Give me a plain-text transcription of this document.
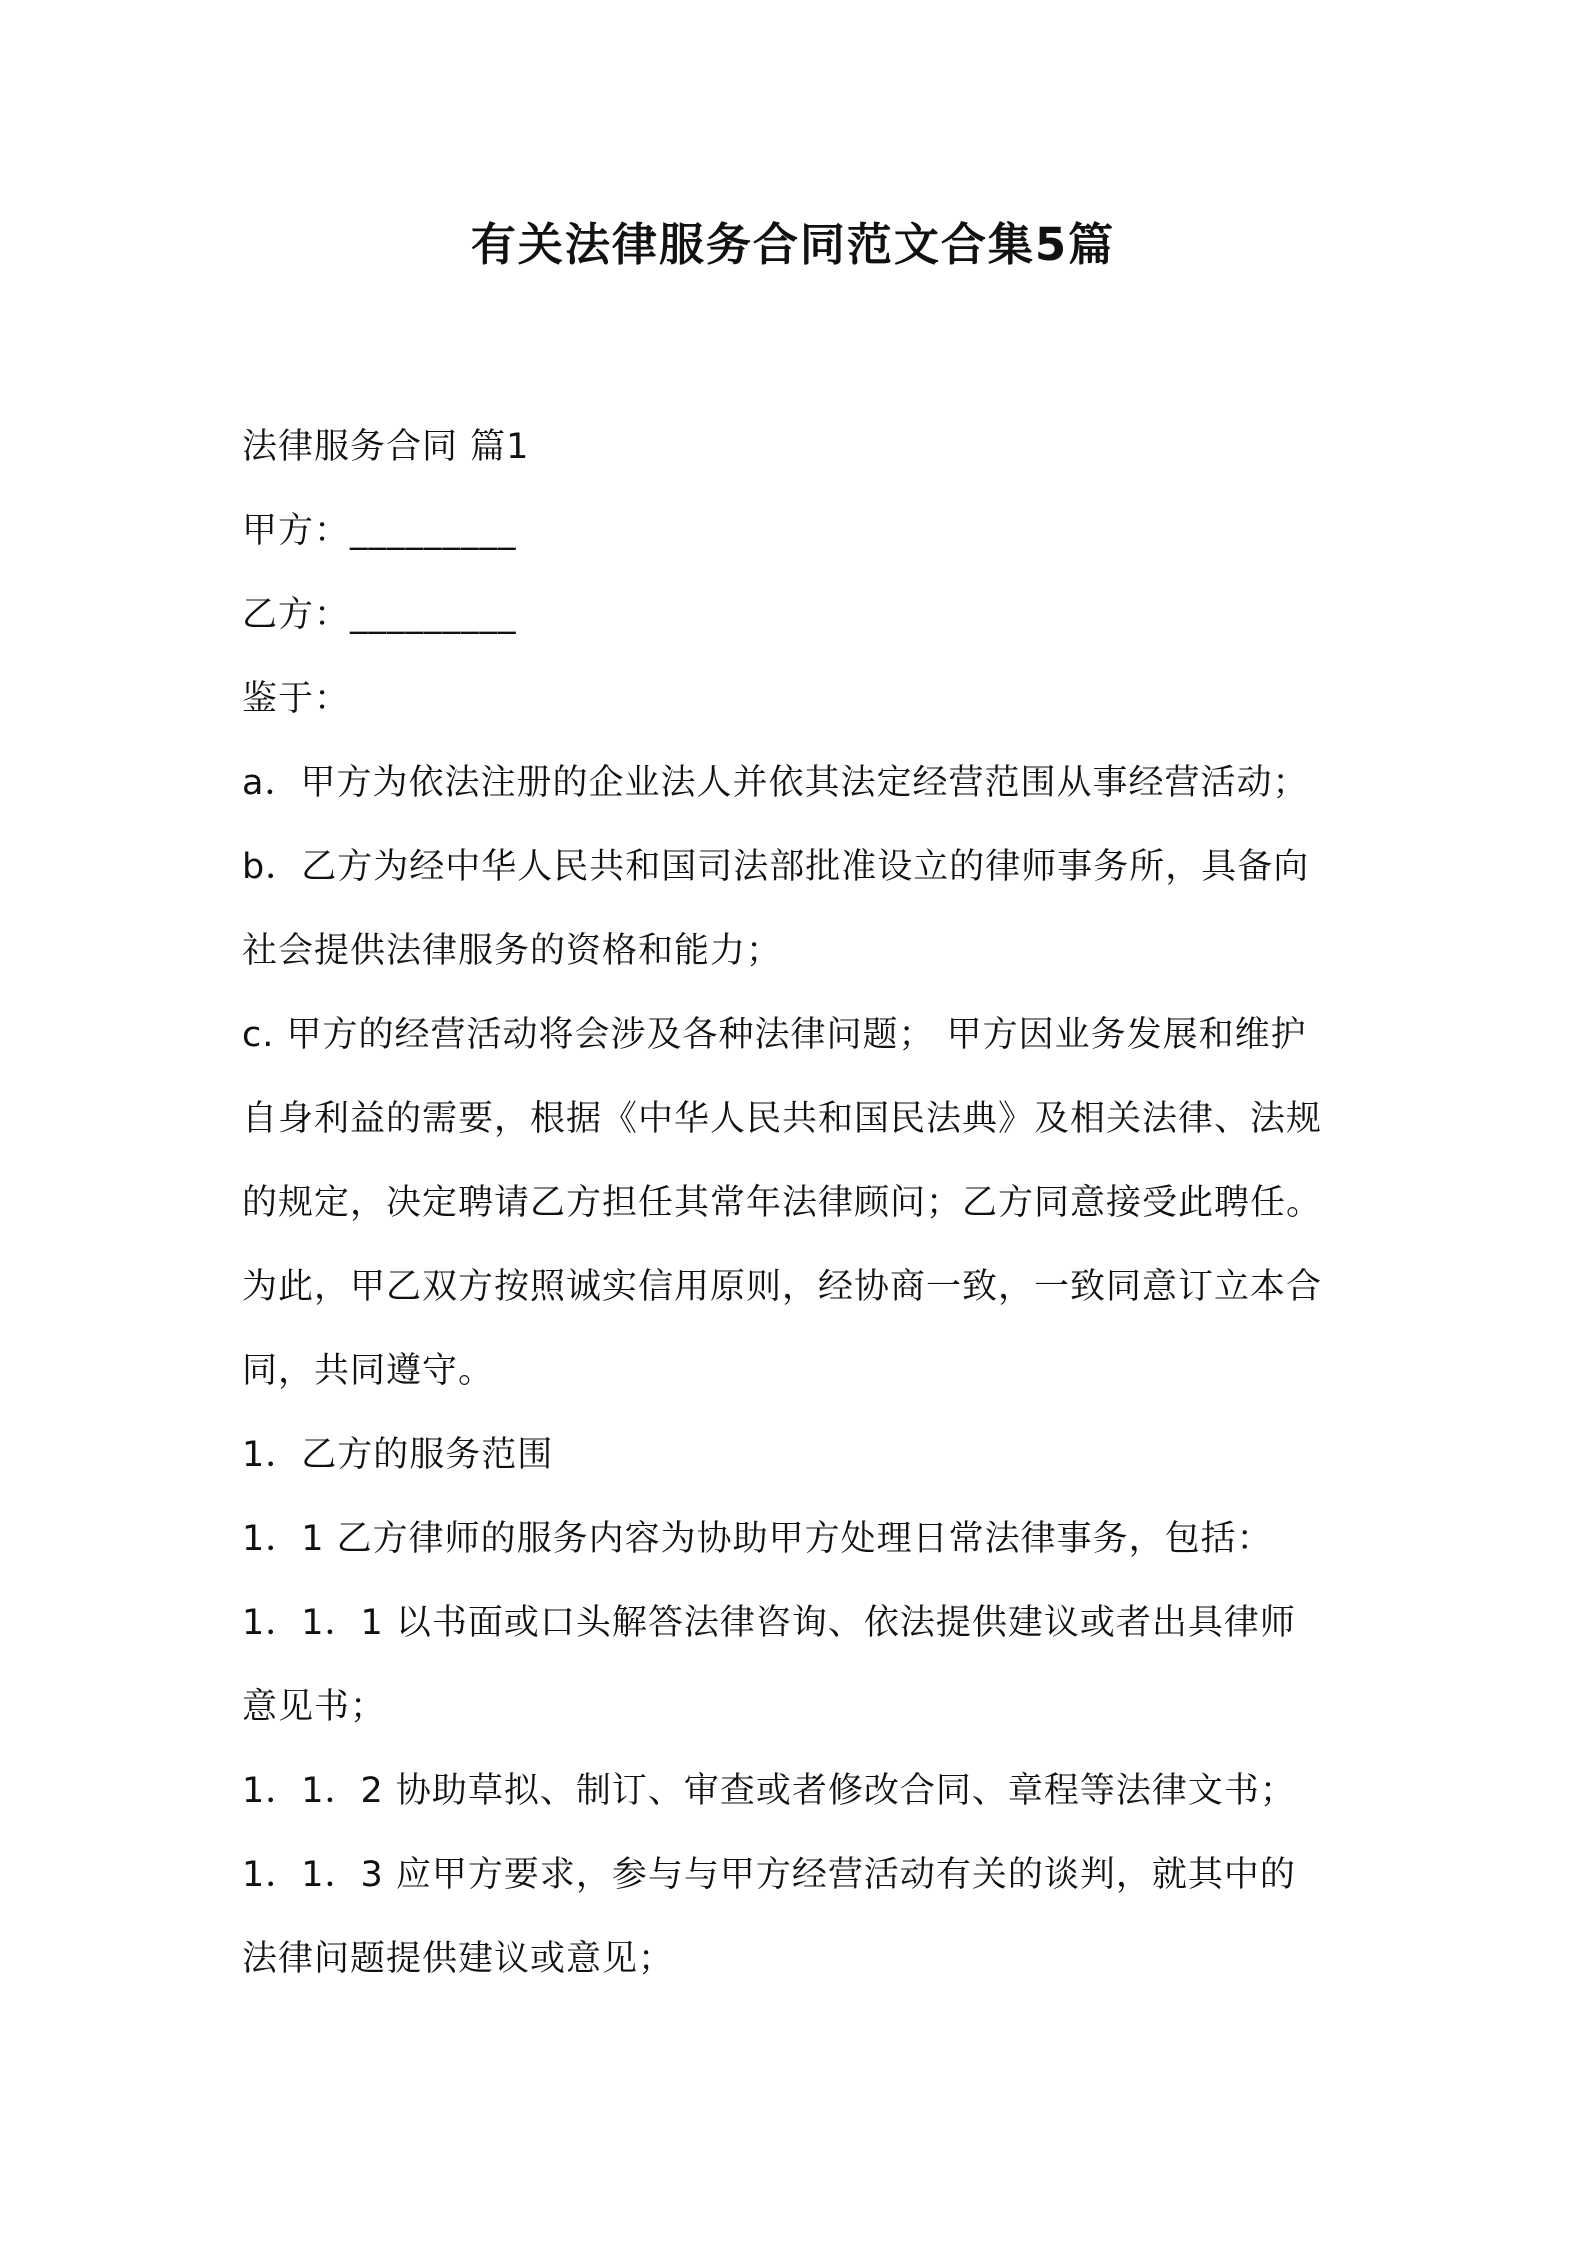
有关法律服务合同范文合集5篇

法律服务合同 篇1

甲方：_________

乙方：_________

鉴于：

a．甲方为依法注册的企业法人并依其法定经营范围从事经营活动；

b．乙方为经中华人民共和国司法部批准设立的律师事务所，具备向

社会提供法律服务的资格和能力；

c. 甲方的经营活动将会涉及各种法律问题； 甲方因业务发展和维护

自身利益的需要，根据《中华人民共和国民法典》及相关法律、法规

的规定，决定聘请乙方担任其常年法律顾问；乙方同意接受此聘任。

为此，甲乙双方按照诚实信用原则，经协商一致，一致同意订立本合

同，共同遵守。

1．乙方的服务范围

1．1 乙方律师的服务内容为协助甲方处理日常法律事务，包括：

1．1．1 以书面或口头解答法律咨询、依法提供建议或者出具律师

意见书；

1．1．2 协助草拟、制订、审查或者修改合同、章程等法律文书；

1．1．3 应甲方要求，参与与甲方经营活动有关的谈判，就其中的

法律问题提供建议或意见；
